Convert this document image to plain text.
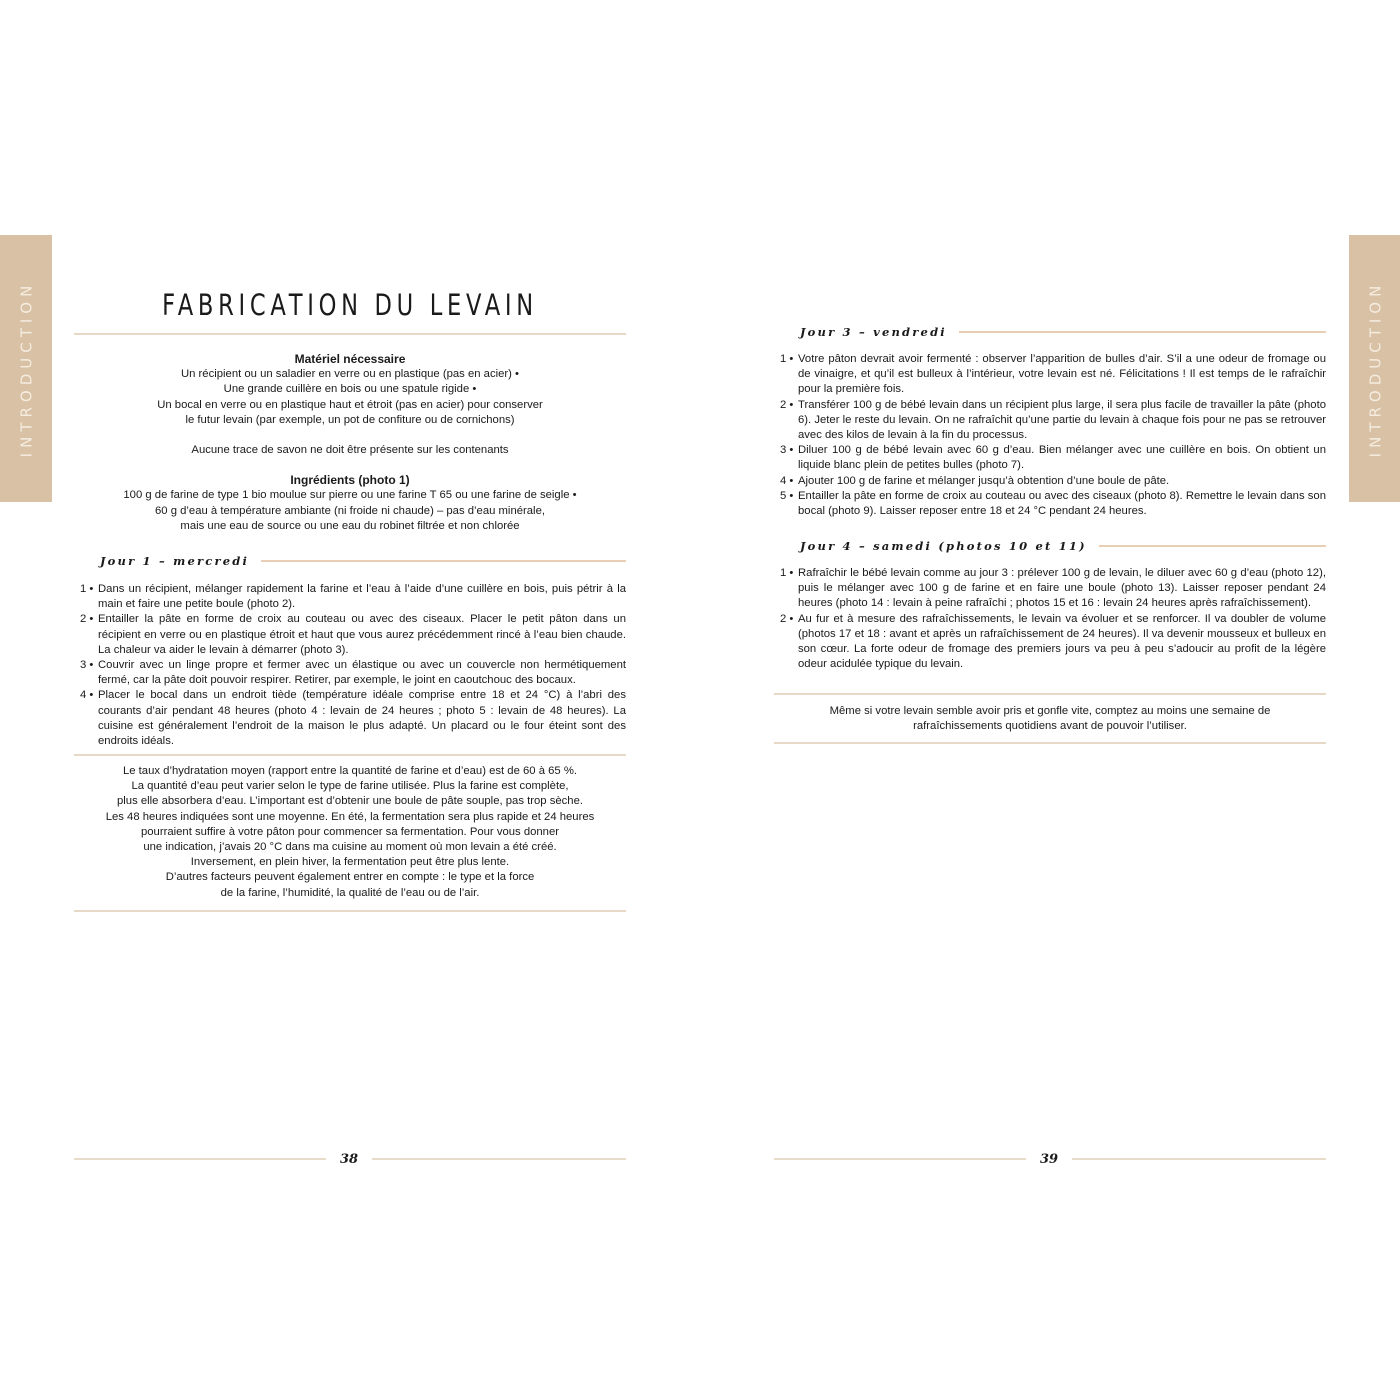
INTRODUCTION	INTRODUCTION
FABRICATION DU LEVAIN
Matériel nécessaire
Un récipient ou un saladier en verre ou en plastique (pas en acier) •
Une grande cuillère en bois ou une spatule rigide •
Un bocal en verre ou en plastique haut et étroit (pas en acier) pour conserver
le futur levain (par exemple, un pot de confiture ou de cornichons)
Aucune trace de savon ne doit être présente sur les contenants
Ingrédients (photo 1)
100 g de farine de type 1 bio moulue sur pierre ou une farine T 65 ou une farine de seigle •
60 g d’eau à température ambiante (ni froide ni chaude) – pas d’eau minérale,
mais une eau de source ou une eau du robinet filtrée et non chlorée
Jour 1 – mercredi
1 • Dans un récipient, mélanger rapidement la farine et l’eau à l’aide d’une cuillère en bois, puis pétrir à la main et faire une petite boule (photo 2).
2 • Entailler la pâte en forme de croix au couteau ou avec des ciseaux. Placer le petit pâton dans un récipient en verre ou en plastique étroit et haut que vous aurez précédemment rincé à l’eau bien chaude. La chaleur va aider le levain à démarrer (photo 3).
3 • Couvrir avec un linge propre et fermer avec un élastique ou avec un couvercle non hermétiquement fermé, car la pâte doit pouvoir respirer. Retirer, par exemple, le joint en caoutchouc des bocaux.
4 • Placer le bocal dans un endroit tiède (température idéale comprise entre 18 et 24 °C) à l’abri des courants d’air pendant 48 heures (photo 4 : levain de 24 heures ; photo 5 : levain de 48 heures). La cuisine est généralement l’endroit de la maison le plus adapté. Un placard ou le four éteint sont des endroits idéals.
Le taux d’hydratation moyen (rapport entre la quantité de farine et d’eau) est de 60 à 65 %.
La quantité d’eau peut varier selon le type de farine utilisée. Plus la farine est complète,
plus elle absorbera d’eau. L’important est d’obtenir une boule de pâte souple, pas trop sèche.
Les 48 heures indiquées sont une moyenne. En été, la fermentation sera plus rapide et 24 heures
pourraient suffire à votre pâton pour commencer sa fermentation. Pour vous donner
une indication, j’avais 20 °C dans ma cuisine au moment où mon levain a été créé.
Inversement, en plein hiver, la fermentation peut être plus lente.
D’autres facteurs peuvent également entrer en compte : le type et la force
de la farine, l’humidité, la qualité de l’eau ou de l’air.
38
Jour 3 – vendredi
1 • Votre pâton devrait avoir fermenté : observer l’apparition de bulles d’air. S’il a une odeur de fromage ou de vinaigre, et qu’il est bulleux à l’intérieur, votre levain est né. Félicitations ! Il est temps de le rafraîchir pour la première fois.
2 • Transférer 100 g de bébé levain dans un récipient plus large, il sera plus facile de travailler la pâte (photo 6). Jeter le reste du levain. On ne rafraîchit qu’une partie du levain à chaque fois pour ne pas se retrouver avec des kilos de levain à la fin du processus.
3 • Diluer 100 g de bébé levain avec 60 g d’eau. Bien mélanger avec une cuillère en bois. On obtient un liquide blanc plein de petites bulles (photo 7).
4 • Ajouter 100 g de farine et mélanger jusqu’à obtention d’une boule de pâte.
5 • Entailler la pâte en forme de croix au couteau ou avec des ciseaux (photo 8). Remettre le levain dans son bocal (photo 9). Laisser reposer entre 18 et 24 °C pendant 24 heures.
Jour 4 – samedi (photos 10 et 11)
1 • Rafraîchir le bébé levain comme au jour 3 : prélever 100 g de levain, le diluer avec 60 g d’eau (photo 12), puis le mélanger avec 100 g de farine et en faire une boule (photo 13). Laisser reposer pendant 24 heures (photo 14 : levain à peine rafraîchi ; photos 15 et 16 : levain 24 heures après rafraîchissement).
2 • Au fur et à mesure des rafraîchissements, le levain va évoluer et se renforcer. Il va doubler de volume (photos 17 et 18 : avant et après un rafraîchissement de 24 heures). Il va devenir mousseux et bulleux en son cœur. La forte odeur de fromage des premiers jours va peu à peu s’adoucir au profit de la légère odeur acidulée typique du levain.
Même si votre levain semble avoir pris et gonfle vite, comptez au moins une semaine de
rafraîchissements quotidiens avant de pouvoir l’utiliser.
39
